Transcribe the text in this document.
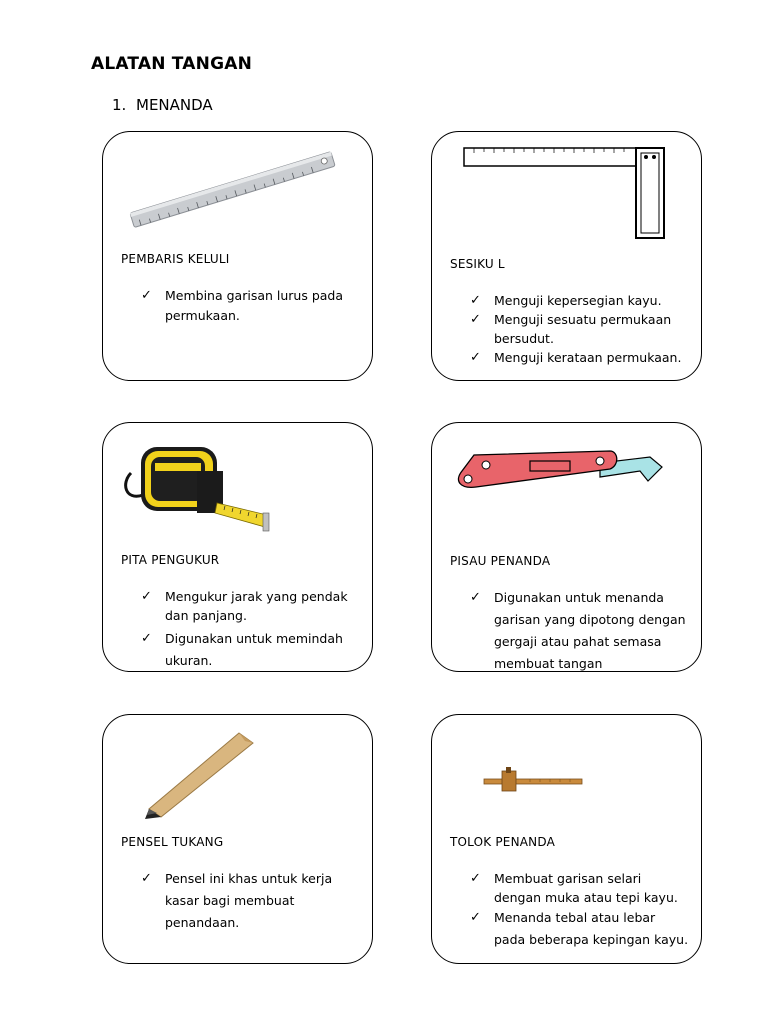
ALATAN TANGAN
1. MENANDA
PEMBARIS KELULI
✓ Membina garisan lurus pada permukaan.
SESIKU L
✓ Menguji kepersegian kayu.
✓ Menguji sesuatu permukaan bersudut.
✓ Menguji kerataan permukaan.
PITA PENGUKUR
✓ Mengukur jarak yang pendak dan panjang.
✓ Digunakan untuk memindah ukuran.
PISAU PENANDA
✓ Digunakan untuk menanda garisan yang dipotong dengan gergaji atau pahat semasa membuat tangan
PENSEL TUKANG
✓ Pensel ini khas untuk kerja kasar bagi membuat penandaan.
TOLOK PENANDA
✓ Membuat garisan selari dengan muka atau tepi kayu.
✓ Menanda tebal atau lebar pada beberapa kepingan kayu.
